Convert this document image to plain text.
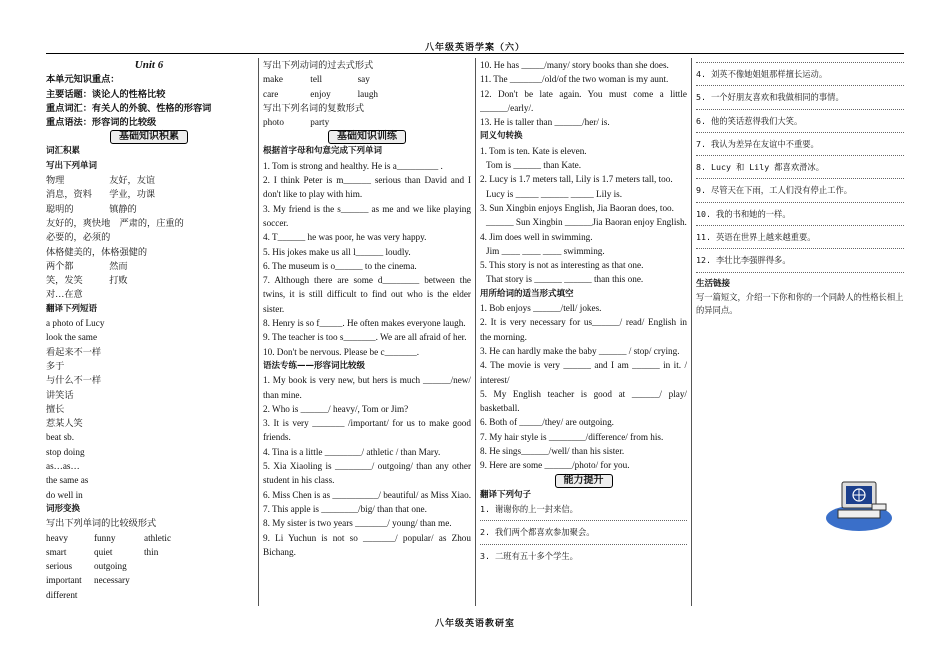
八年级英语学案（六）
Unit 6
本单元知识重点：
主要话题：谈论人的性格比较
重点词汇：有关人的外貌、性格的形容词
重点语法：形容词的比较级
基础知识积累
词汇积累
写出下列单词
物理	友好，友谊
消息，资料 学业，功课
聪明的	镇静的
友好的，爽快地 严肃的，庄重的
必要的，必须的
体格健美的，体格强健的
两个都	然而
笑，发笑	打败
对…在意
翻译下列短语
a photo of Lucy
look the same
看起来不一样
多于
与什么不一样
讲笑话
擅长
惹某人笑
beat sb.
stop doing
as…as…
the same as
do well in
词形变换
写出下列单词的比较级形式
heavy	funny	athletic
smart	quiet	thin
serious outgoing
important necessary
different
写出下列动词的过去式形式
make	tell	say
care	enjoy	laugh
写出下列名词的复数形式
photo	party
基础知识训练
根据首字母和句意完成下列单词
1. Tom is strong and healthy. He is a_________ .
2. I think Peter is m______ serious than David and I don't like to play with him.
3. My friend is the s______ as me and we like playing soccer.
4. T______ he was poor, he was very happy.
5. His jokes make us all l______ loudly.
6. The museum is o______ to the cinema.
7. Although there are some d________ between the twins, it is still difficult to find out who is the elder sister.
8. Henry is so f_____. He often makes everyone laugh.
9. The teacher is too s_______. We are all afraid of her.
10. Don't be nervous. Please be c_______.
语法专练——形容词比较级
1. My book is very new, but hers is much ______/new/ than mine.
2. Who is ______/ heavy/, Tom or Jim?
3. It is very _______ /important/ for us to make good friends.
4. Tina is a little ________/ athletic / than Mary.
5. Xia Xiaoling is ________/ outgoing/ than any other student in his class.
6. Miss Chen is as __________/ beautiful/ as Miss Xiao.
7. This apple is ________/big/ than that one.
8. My sister is two years _______/ young/ than me.
9. Li Yuchun is not so _______/ popular/ as Zhou Bichang.
10. He has _____/many/ story books than she does.
11. The _______/old/of the two woman is my aunt.
12. Don't be late again. You must come a little ______/early/.
13. He is taller than ______/her/ is.
同义句转换
1. Tom is ten. Kate is eleven.
Tom is ______ than Kate.
2. Lucy is 1.7 meters tall, Lily is 1.7 meters tall, too.
Lucy is _____ ______ _____ Lily is.
3. Sun Xingbin enjoys English, Jia Baoran does, too.
______ Sun Xingbin ______Jia Baoran enjoy English.
4. Jim does well in swimming.
Jim ____ ____ ____ swimming.
5. This story is not as interesting as that one.
That story is ______ ______ than this one.
用所给词的适当形式填空
1. Bob enjoys ______/tell/ jokes.
2. It is very necessary for us______/ read/ English in the morning.
3. He can hardly make the baby ______ / stop/ crying.
4. The movie is very ______ and I am ______ in it. / interest/
5. My English teacher is good at ______/ play/ basketball.
6. Both of _____/they/ are outgoing.
7. My hair style is ________/difference/ from his.
8. He sings______/well/ than his sister.
9. Here are some ______/photo/ for you.
能力提升
翻译下列句子
1. 谢谢你的上一封来信。
2. 我们两个都喜欢参加聚会。
3. 二班有五十多个学生。
4. 刘英不像她姐姐那样擅长运动。
5. 一个好朋友喜欢和我做相同的事情。
6. 他的笑话惹得我们大笑。
7. 我认为差异在友谊中不重要。
8. Lucy 和 Lily 都喜欢滑冰。
9. 尽管天在下雨，工人们没有停止工作。
10. 我的书和她的一样。
11. 英语在世界上越来越重要。
12. 李壮比李强胖得多。
生活链接
写一篇短文，介绍一下你和你的一个同龄人的性格长相上的异同点。
八年级英语教研室
